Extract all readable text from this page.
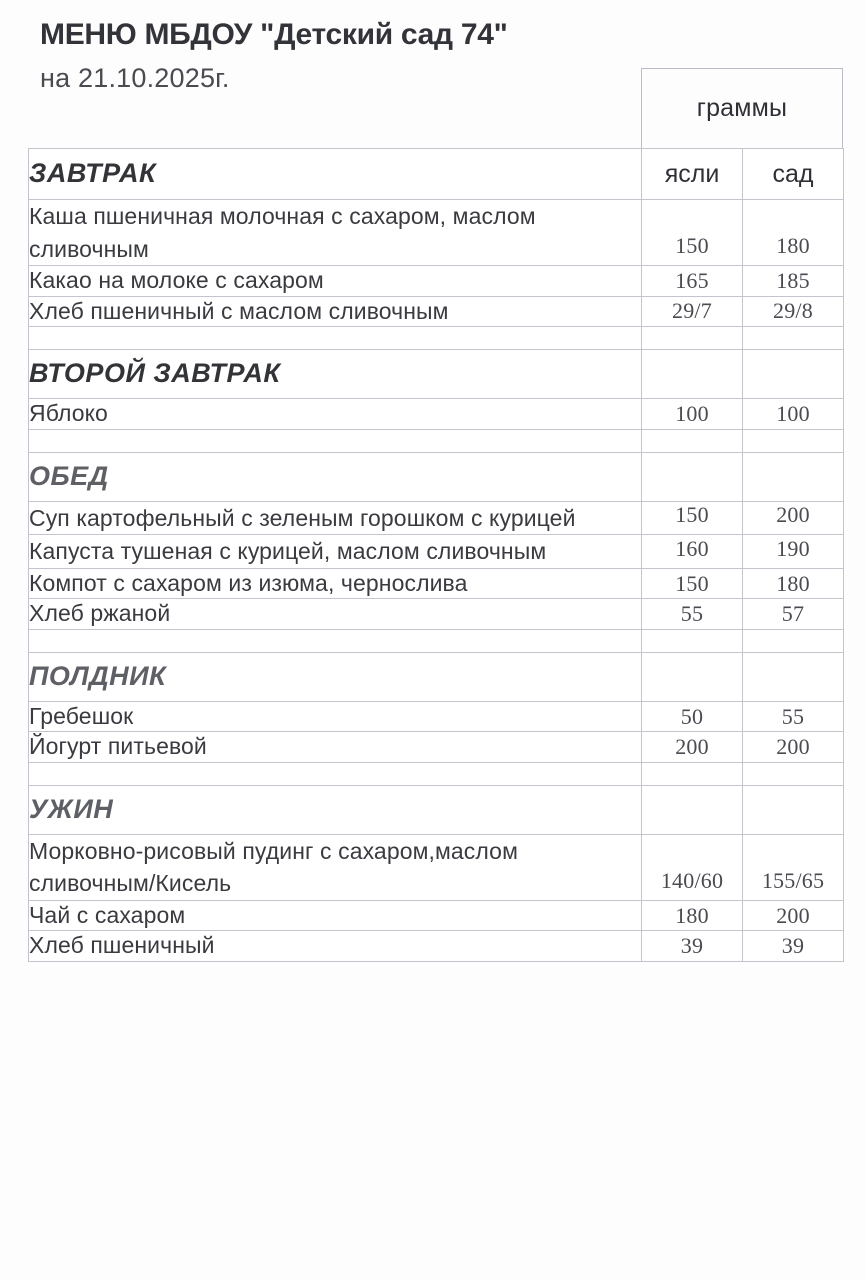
МЕНЮ МБДОУ "Детский сад 74"
на 21.10.2025г.
граммы
ЗАВТРАК	ясли	сад
Каша пшеничная молочная с сахаром, маслом сливочным	150	180
Какао на молоке с сахаром	165	185
Хлеб пшеничный с маслом сливочным	29/7	29/8

ВТОРОЙ ЗАВТРАК		
Яблоко	100	100

ОБЕД		
Суп картофельный с зеленым горошком с курицей	150	200
Капуста тушеная с курицей, маслом сливочным	160	190
Компот с сахаром из изюма, чернослива	150	180
Хлеб ржаной	55	57

ПОЛДНИК		
Гребешок	50	55
Йогурт питьевой	200	200

УЖИН		
Морковно-рисовый пудинг с сахаром,маслом сливочным/Кисель	140/60	155/65
Чай с сахаром	180	200
Хлеб пшеничный	39	39
